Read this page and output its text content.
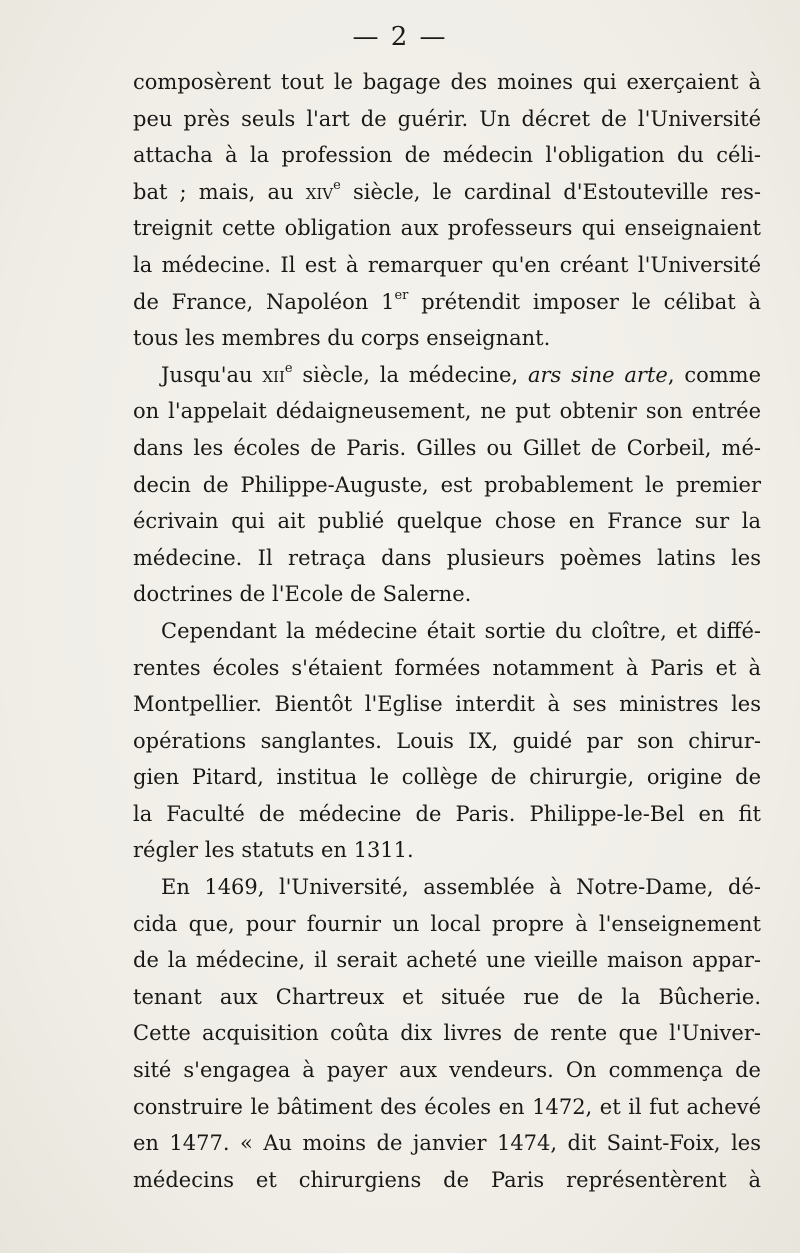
— 2 —
composèrent tout le bagage des moines qui exerçaient à
peu près seuls l'art de guérir. Un décret de l'Université
attacha à la profession de médecin l'obligation du céli-
bat ; mais, au xiv$^e$ siècle, le cardinal d'Estouteville res-
treignit cette obligation aux professeurs qui enseignaient
la médecine. Il est à remarquer qu'en créant l'Université
de France, Napoléon 1er prétendit imposer le célibat à
tous les membres du corps enseignant.
Jusqu'au xii$^e$ siècle, la médecine, ars sine arte, comme
on l'appelait dédaigneusement, ne put obtenir son entrée
dans les écoles de Paris. Gilles ou Gillet de Corbeil, mé-
decin de Philippe-Auguste, est probablement le premier
écrivain qui ait publié quelque chose en France sur la
médecine. Il retraça dans plusieurs poèmes latins les
doctrines de l'Ecole de Salerne.
Cependant la médecine était sortie du cloître, et diffé-
rentes écoles s'étaient formées notamment à Paris et à
Montpellier. Bientôt l'Eglise interdit à ses ministres les
opérations sanglantes. Louis IX, guidé par son chirur-
gien Pitard, institua le collège de chirurgie, origine de
la Faculté de médecine de Paris. Philippe-le-Bel en fit
régler les statuts en 1311.
En 1469, l'Université, assemblée à Notre-Dame, dé-
cida que, pour fournir un local propre à l'enseignement
de la médecine, il serait acheté une vieille maison appar-
tenant aux Chartreux et située rue de la Bûcherie.
Cette acquisition coûta dix livres de rente que l'Univer-
sité s'engagea à payer aux vendeurs. On commença de
construire le bâtiment des écoles en 1472, et il fut achevé
en 1477. « Au moins de janvier 1474, dit Saint-Foix, les
médecins et chirurgiens de Paris représentèrent à
